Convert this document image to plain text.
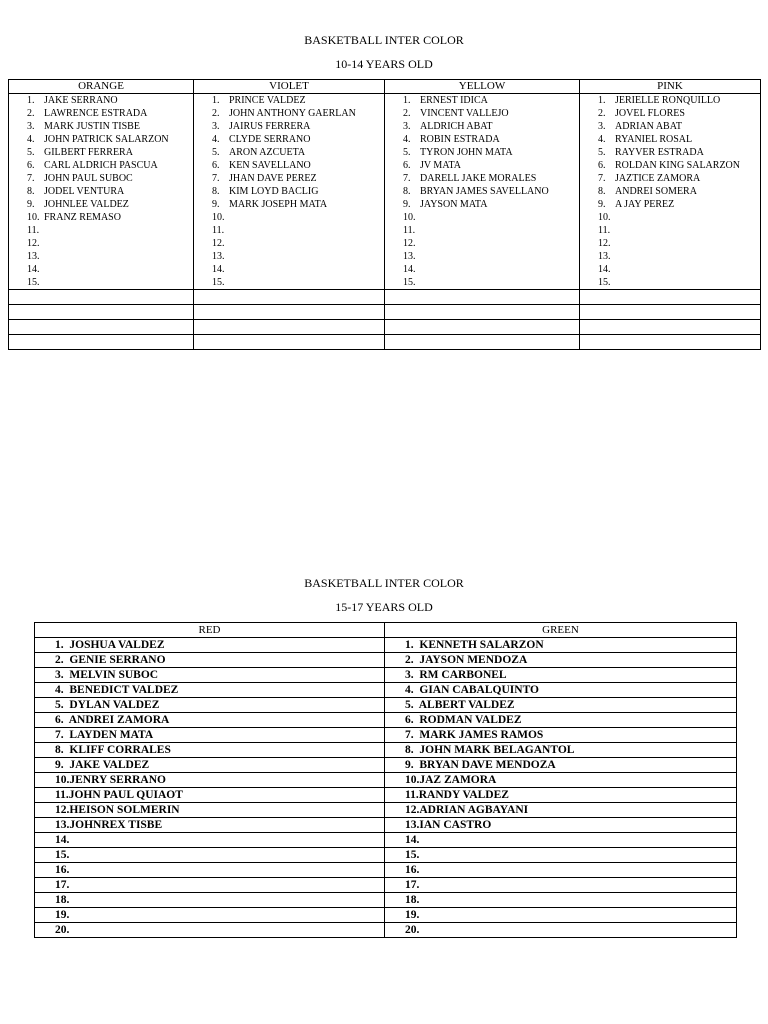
BASKETBALL INTER COLOR
10-14 YEARS OLD
ORANGE	VIOLET	YELLOW	PINK
1. JAKE SERRANO	1. PRINCE VALDEZ	1. ERNEST IDICA	1. JERIELLE RONQUILLO
2. LAWRENCE ESTRADA	2. JOHN ANTHONY GAERLAN	2. VINCENT VALLEJO	2. JOVEL FLORES
3. MARK JUSTIN TISBE	3. JAIRUS FERRERA	3. ALDRICH ABAT	3. ADRIAN ABAT
4. JOHN PATRICK SALARZON	4. CLYDE SERRANO	4. ROBIN ESTRADA	4. RYANIEL ROSAL
5. GILBERT FERRERA	5. ARON AZCUETA	5. TYRON JOHN MATA	5. RAYVER ESTRADA
6. CARL ALDRICH PASCUA	6. KEN SAVELLANO	6. JV MATA	6. ROLDAN KING SALARZON
7. JOHN PAUL SUBOC	7. JHAN DAVE PEREZ	7. DARELL JAKE MORALES	7. JAZTICE ZAMORA
8. JODEL VENTURA	8. KIM LOYD BACLIG	8. BRYAN JAMES SAVELLANO	8. ANDREI SOMERA
9. JOHNLEE VALDEZ	9. MARK JOSEPH MATA	9. JAYSON MATA	9. A JAY PEREZ
10. FRANZ REMASO	10.	10.	10.
11.	11.	11.	11.
12.	12.	12.	12.
13.	13.	13.	13.
14.	14.	14.	14.
15.	15.	15.	15.

BASKETBALL INTER COLOR
15-17 YEARS OLD
RED	GREEN
1.  JOSHUA VALDEZ	1.  KENNETH SALARZON
2.  GENIE SERRANO	2.  JAYSON MENDOZA
3.  MELVIN SUBOC	3.  RM CARBONEL
4.  BENEDICT VALDEZ	4.  GIAN CABALQUINTO
5.  DYLAN VALDEZ	5.  ALBERT VALDEZ
6.  ANDREI ZAMORA	6.  RODMAN VALDEZ
7.  LAYDEN MATA	7.  MARK JAMES RAMOS
8.  KLIFF CORRALES	8.  JOHN MARK BELAGANTOL
9.  JAKE VALDEZ	9.  BRYAN DAVE MENDOZA
10.JENRY SERRANO	10.JAZ ZAMORA
11.JOHN PAUL QUIAOT	11.RANDY VALDEZ
12.HEISON SOLMERIN	12.ADRIAN AGBAYANI
13.JOHNREX TISBE	13.IAN CASTRO
14.	14.
15.	15.
16.	16.
17.	17.
18.	18.
19.	19.
20.	20.
